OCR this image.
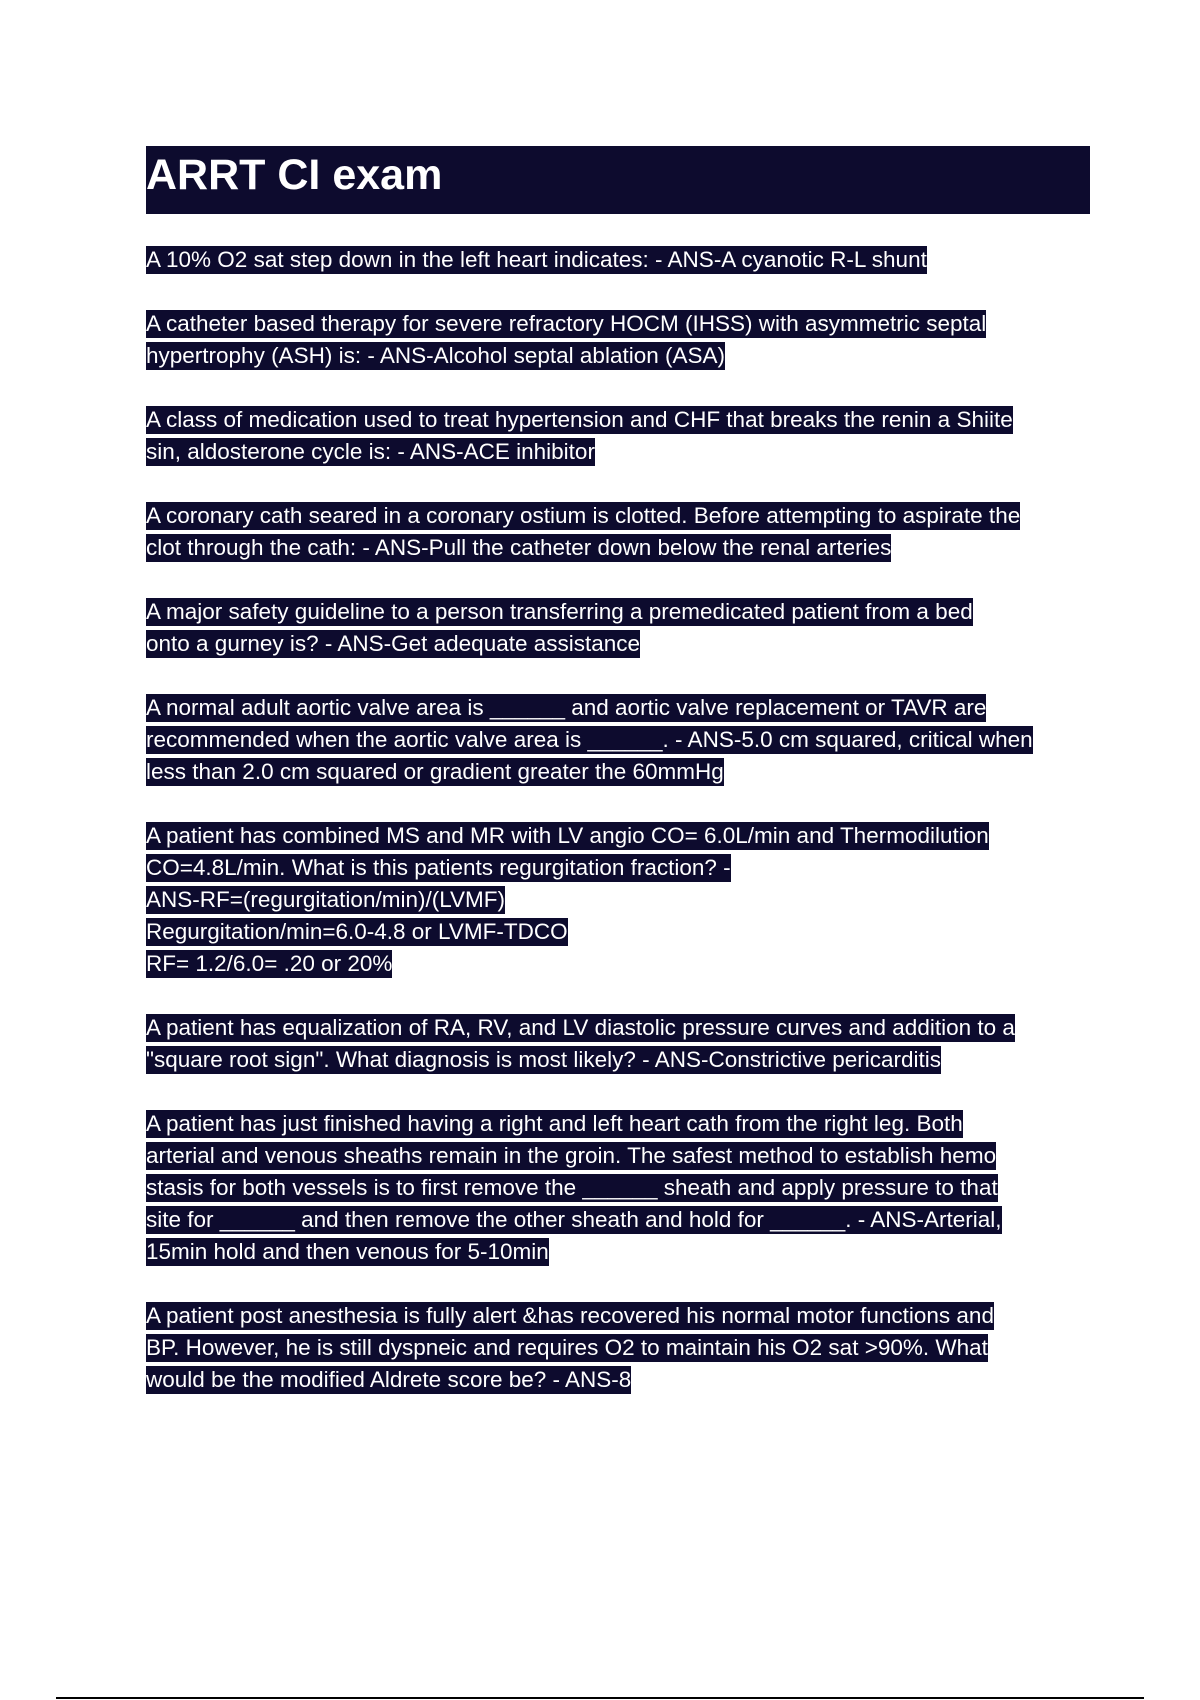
ARRT CI exam
A 10% O2 sat step down in the left heart indicates: - ANS-A cyanotic R-L shunt
A catheter based therapy for severe refractory HOCM (IHSS) with asymmetric septal
hypertrophy (ASH) is: - ANS-Alcohol septal ablation (ASA)
A class of medication used to treat hypertension and CHF that breaks the renin a Shiite
sin, aldosterone cycle is: - ANS-ACE inhibitor
A coronary cath seared in a coronary ostium is clotted. Before attempting to aspirate the
clot through the cath: - ANS-Pull the catheter down below the renal arteries
A major safety guideline to a person transferring a premedicated patient from a bed
onto a gurney is? - ANS-Get adequate assistance
A normal adult aortic valve area is ______ and aortic valve replacement or TAVR are
recommended when the aortic valve area is ______. - ANS-5.0 cm squared, critical when
less than 2.0 cm squared or gradient greater the 60mmHg
A patient has combined MS and MR with LV angio CO= 6.0L/min and Thermodilution
CO=4.8L/min. What is this patients regurgitation fraction? -
ANS-RF=(regurgitation/min)/(LVMF)
Regurgitation/min=6.0-4.8 or LVMF-TDCO
RF= 1.2/6.0= .20 or 20%
A patient has equalization of RA, RV, and LV diastolic pressure curves and addition to a
"square root sign". What diagnosis is most likely? - ANS-Constrictive pericarditis
A patient has just finished having a right and left heart cath from the right leg. Both
arterial and venous sheaths remain in the groin. The safest method to establish hemo
stasis for both vessels is to first remove the ______ sheath and apply pressure to that
site for ______ and then remove the other sheath and hold for ______. - ANS-Arterial,
15min hold and then venous for 5-10min
A patient post anesthesia is fully alert &has recovered his normal motor functions and
BP. However, he is still dyspneic and requires O2 to maintain his O2 sat >90%. What
would be the modified Aldrete score be? - ANS-8
